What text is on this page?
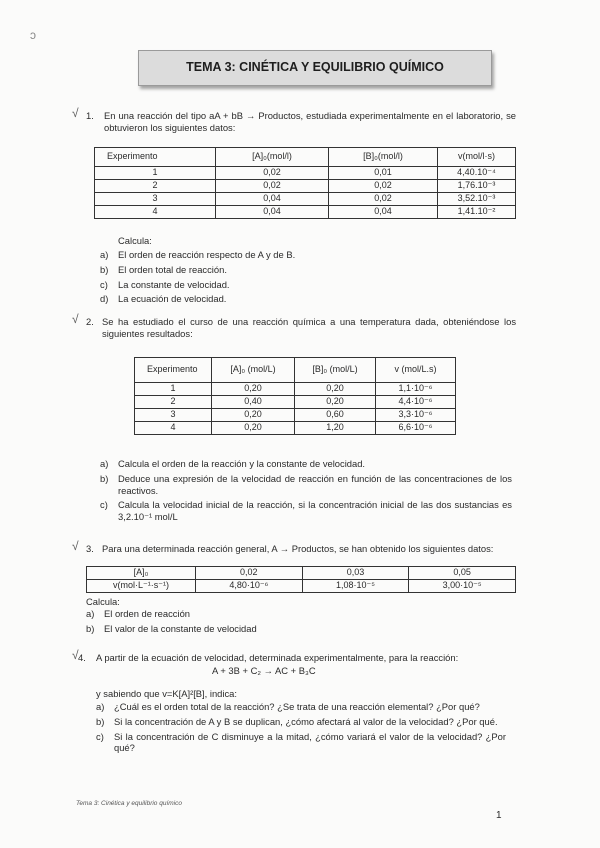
ↄ
TEMA 3: CINÉTICA Y EQUILIBRIO QUÍMICO
√ 1. En una reacción del tipo aA + bB → Productos, estudiada experimentalmente en el laboratorio, se obtuvieron los siguientes datos:
Experimento	[A]₀(mol/l)	[B]₀(mol/l)	v(mol/l·s)
1	0,02	0,01	4,40.10⁻⁴
2	0,02	0,02	1,76.10⁻³
3	0,04	0,02	3,52.10⁻³
4	0,04	0,04	1,41.10⁻²
Calcula:
a) El orden de reacción respecto de A y de B.
b) El orden total de reacción.
c) La constante de velocidad.
d) La ecuación de velocidad.
√ 2. Se ha estudiado el curso de una reacción química a una temperatura dada, obteniéndose los siguientes resultados:
Experimento	[A]₀ (mol/L)	[B]₀ (mol/L)	v (mol/L.s)
1	0,20	0,20	1,1·10⁻⁶
2	0,40	0,20	4,4·10⁻⁶
3	0,20	0,60	3,3·10⁻⁶
4	0,20	1,20	6,6·10⁻⁶
a) Calcula el orden de la reacción y la constante de velocidad.
b) Deduce una expresión de la velocidad de reacción en función de las concentraciones de los reactivos.
c) Calcula la velocidad inicial de la reacción, si la concentración inicial de las dos sustancias es 3,2.10⁻¹ mol/L
√ 3. Para una determinada reacción general, A → Productos, se han obtenido los siguientes datos:
[A]₀	0,02	0,03	0,05
v(mol·L⁻¹·s⁻¹)	4,80·10⁻⁶	1,08·10⁻⁵	3,00·10⁻⁵
Calcula:
a) El orden de reacción
b) El valor de la constante de velocidad
√ 4. A partir de la ecuación de velocidad, determinada experimentalmente, para la reacción:
A + 3B + C₂ → AC + B₃C
y sabiendo que v=K[A]²[B], indica:
a) ¿Cuál es el orden total de la reacción? ¿Se trata de una reacción elemental? ¿Por qué?
b) Si la concentración de A y B se duplican, ¿cómo afectará al valor de la velocidad? ¿Por qué.
c) Si la concentración de C disminuye a la mitad, ¿cómo variará el valor de la velocidad? ¿Por qué?
Tema 3: Cinética y equilibrio químico
1
